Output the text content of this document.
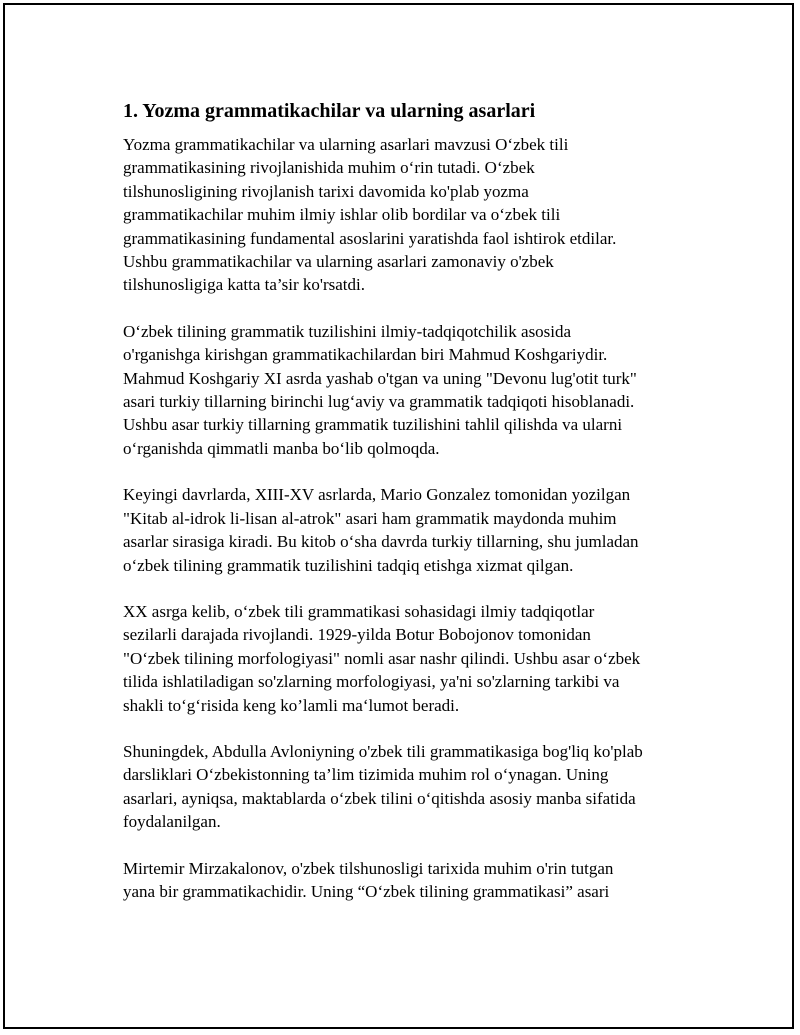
1. Yozma grammatikachilar va ularning asarlari

Yozma grammatikachilar va ularning asarlari mavzusi O‘zbek tili
grammatikasining rivojlanishida muhim o‘rin tutadi. O‘zbek
tilshunosligining rivojlanish tarixi davomida ko'plab yozma
grammatikachilar muhim ilmiy ishlar olib bordilar va o‘zbek tili
grammatikasining fundamental asoslarini yaratishda faol ishtirok etdilar.
Ushbu grammatikachilar va ularning asarlari zamonaviy o'zbek
tilshunosligiga katta ta’sir ko'rsatdi.

O‘zbek tilining grammatik tuzilishini ilmiy-tadqiqotchilik asosida
o'rganishga kirishgan grammatikachilardan biri Mahmud Koshgariydir.
Mahmud Koshgariy XI asrda yashab o'tgan va uning "Devonu lug'otit turk"
asari turkiy tillarning birinchi lug‘aviy va grammatik tadqiqoti hisoblanadi.
Ushbu asar turkiy tillarning grammatik tuzilishini tahlil qilishda va ularni
o‘rganishda qimmatli manba bo‘lib qolmoqda.

Keyingi davrlarda, XIII-XV asrlarda, Mario Gonzalez tomonidan yozilgan
"Kitab al-idrok li-lisan al-atrok" asari ham grammatik maydonda muhim
asarlar sirasiga kiradi. Bu kitob o‘sha davrda turkiy tillarning, shu jumladan
o‘zbek tilining grammatik tuzilishini tadqiq etishga xizmat qilgan.

XX asrga kelib, o‘zbek tili grammatikasi sohasidagi ilmiy tadqiqotlar
sezilarli darajada rivojlandi. 1929-yilda Botur Bobojonov tomonidan
"O‘zbek tilining morfologiyasi" nomli asar nashr qilindi. Ushbu asar o‘zbek
tilida ishlatiladigan so'zlarning morfologiyasi, ya'ni so'zlarning tarkibi va
shakli to‘g‘risida keng ko’lamli ma‘lumot beradi.

Shuningdek, Abdulla Avloniyning o'zbek tili grammatikasiga bog'liq ko'plab
darsliklari O‘zbekistonning ta’lim tizimida muhim rol o‘ynagan. Uning
asarlari, ayniqsa, maktablarda o‘zbek tilini o‘qitishda asosiy manba sifatida
foydalanilgan.

Mirtemir Mirzakalonov, o'zbek tilshunosligi tarixida muhim o'rin tutgan
yana bir grammatikachidir. Uning “O‘zbek tilining grammatikasi” asari
